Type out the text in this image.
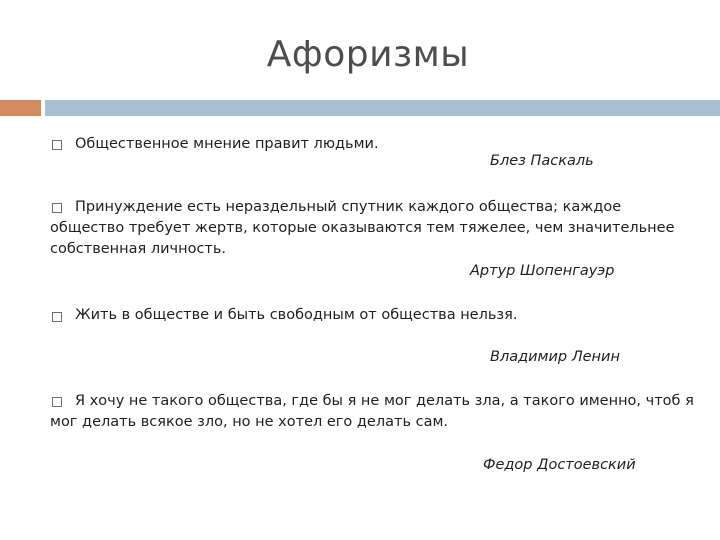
Афоризмы
Общественное мнение правит людьми.
Блез Паскаль
Принуждение есть нераздельный спутник каждого общества; каждое
общество требует жертв, которые оказываются тем тяжелее, чем значительнее
собственная личность.
Артур Шопенгауэр
Жить в обществе и быть свободным от общества нельзя.
Владимир Ленин
Я хочу не такого общества, где бы я не мог делать зла, а такого именно, чтоб я
мог делать всякое зло, но не хотел его делать сам.
Федор Достоевский
